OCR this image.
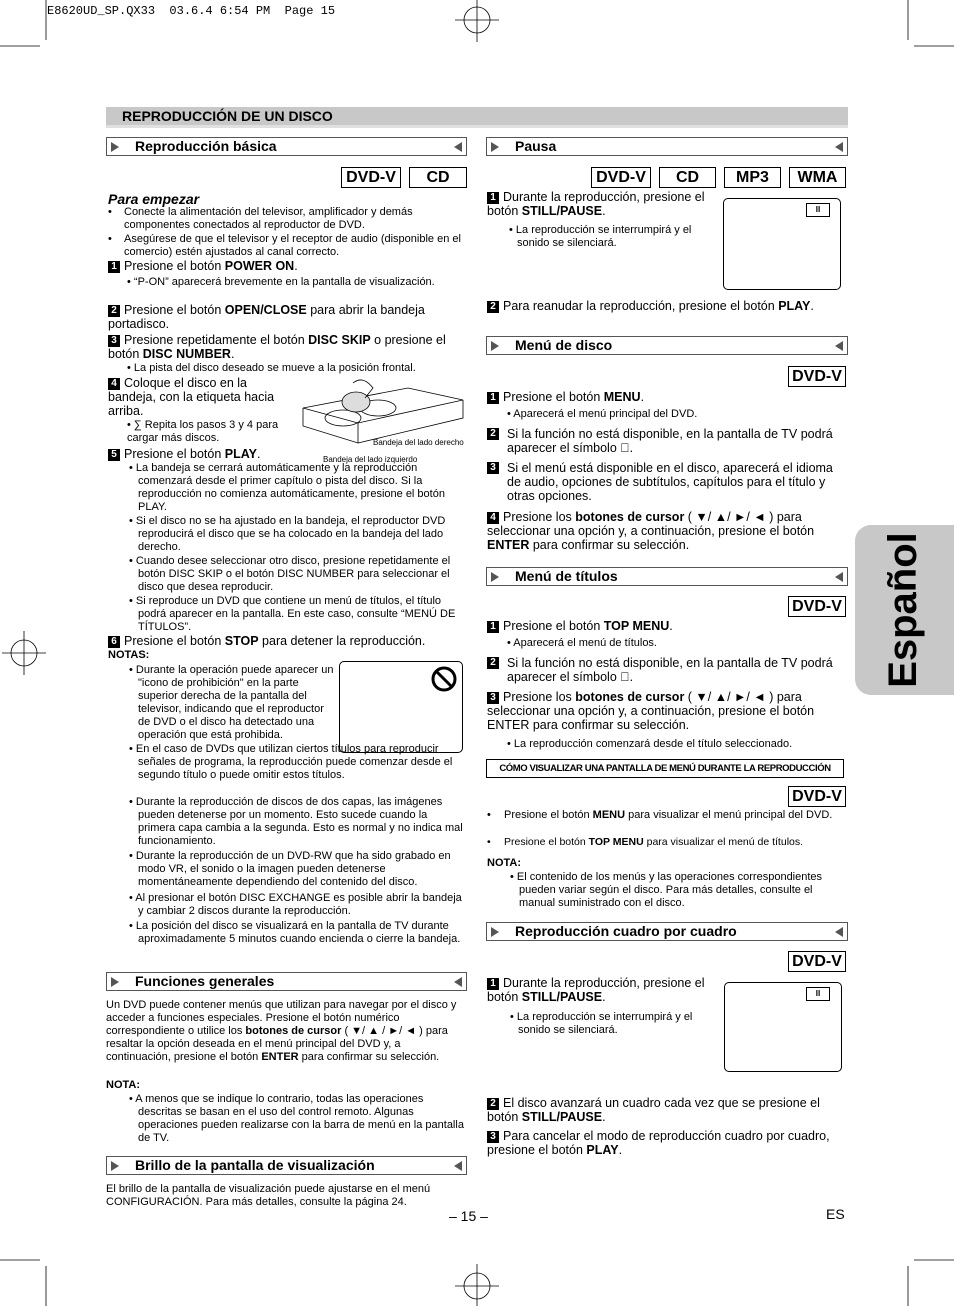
E8620UD_SP.QX33  03.6.4 6:54 PM  Page 15
REPRODUCCIÓN DE UN DISCO
Español
Reproducción básica
DVD-V	CD
Para empezar
• Conecte la alimentación del televisor, amplificador y demás componentes conectados al reproductor de DVD.
• Asegúrese de que el televisor y el receptor de audio (disponible en el comercio) estén ajustados al canal correcto.
1 Presione el botón POWER ON.
• “P-ON” aparecerá brevemente en la pantalla de visualización.
2 Presione el botón OPEN/CLOSE para abrir la bandeja portadisco.
3 Presione repetidamente el botón DISC SKIP o presione el botón DISC NUMBER.
• La pista del disco deseado se mueve a la posición frontal.
4 Coloque el disco en la bandeja, con la etiqueta hacia arriba.
• ∑ Repita los pasos 3 y 4 para cargar más discos.	Bandeja del lado derecho
Bandeja del lado izquierdo
5 Presione el botón PLAY.
• La bandeja se cerrará automáticamente y la reproducción comenzará desde el primer capítulo o pista del disco. Si la reproducción no comienza automáticamente, presione el botón PLAY.
• Si el disco no se ha ajustado en la bandeja, el reproductor DVD reproducirá el disco que se ha colocado en la bandeja del lado derecho.
• Cuando desee seleccionar otro disco, presione repetidamente el botón DISC SKIP o el botón DISC NUMBER para seleccionar el disco que desea reproducir.
• Si reproduce un DVD que contiene un menú de títulos, el título podrá aparecer en la pantalla. En este caso, consulte “MENÚ DE TÍTULOS”.
6 Presione el botón STOP para detener la reproducción.
NOTAS:
• Durante la operación puede aparecer un "icono de prohibición" en la parte superior derecha de la pantalla del televisor, indicando que el reproductor de DVD o el disco ha detectado una operación que está prohibida.
• En el caso de DVDs que utilizan ciertos títulos para reproducir señales de programa, la reproducción puede comenzar desde el segundo título o puede omitir estos títulos.
• Durante la reproducción de discos de dos capas, las imágenes pueden detenerse por un momento. Esto sucede cuando la primera capa cambia a la segunda. Esto es normal y no indica mal funcionamiento.
• Durante la reproducción de un DVD-RW que ha sido grabado en modo VR, el sonido o la imagen pueden detenerse momentáneamente dependiendo del contenido del disco.
• Al presionar el botón DISC EXCHANGE es posible abrir la bandeja y cambiar 2 discos durante la reproducción.
• La posición del disco se visualizará en la pantalla de TV durante aproximadamente 5 minutos cuando encienda o cierre la bandeja.
Funciones generales
Un DVD puede contener menús que utilizan para navegar por el disco y acceder a funciones especiales. Presione el botón numérico correspondiente o utilice los botones de cursor ( ▼/ ▲ / ►/ ◄ ) para resaltar la opción deseada en el menú principal del DVD y, a continuación, presione el botón ENTER para confirmar su selección.
NOTA:
• A menos que se indique lo contrario, todas las operaciones descritas se basan en el uso del control remoto. Algunas operaciones pueden realizarse con la barra de menú en la pantalla de TV.
Brillo de la pantalla de visualización
El brillo de la pantalla de visualización puede ajustarse en el menú CONFIGURACIÓN. Para más detalles, consulte la página 24.
Pausa
DVD-V	CD	MP3	WMA
1 Durante la reproducción, presione el botón STILL/PAUSE.
• La reproducción se interrumpirá y el sonido se silenciará.
II
2 Para reanudar la reproducción, presione el botón PLAY.
Menú de disco
DVD-V
1 Presione el botón MENU.
• Aparecerá el menú principal del DVD.
Si la función no está disponible, en la pantalla de TV podrá aparecer el símbolo ⃠.
2
Si el menú está disponible en el disco, aparecerá el idioma de audio, opciones de subtítulos, capítulos para el título y otras opciones.
3
4 Presione los botones de cursor ( ▼/ ▲/ ►/ ◄ ) para seleccionar una opción y, a continuación, presione el botón ENTER para confirmar su selección.
Menú de títulos
DVD-V
1 Presione el botón TOP MENU.
• Aparecerá el menú de títulos.
Si la función no está disponible, en la pantalla de TV podrá aparecer el símbolo ⃠.
2
3 Presione los botones de cursor ( ▼/ ▲/ ►/ ◄ ) para seleccionar una opción y, a continuación, presione el botón ENTER para confirmar su selección.
• La reproducción comenzará desde el título seleccionado.
CÓMO VISUALIZAR UNA PANTALLA DE MENÚ DURANTE LA REPRODUCCIÓN
DVD-V
• Presione el botón MENU para visualizar el menú principal del DVD.
• Presione el botón TOP MENU para visualizar el menú de títulos.
NOTA:
• El contenido de los menús y las operaciones correspondientes pueden variar según el disco. Para más detalles, consulte el manual suministrado con el disco.
Reproducción cuadro por cuadro
DVD-V
1 Durante la reproducción, presione el botón STILL/PAUSE.
• La reproducción se interrumpirá y el sonido se silenciará.
II
2 El disco avanzará un cuadro cada vez que se presione el botón STILL/PAUSE.
3 Para cancelar el modo de reproducción cuadro por cuadro, presione el botón PLAY.
– 15 –	ES
